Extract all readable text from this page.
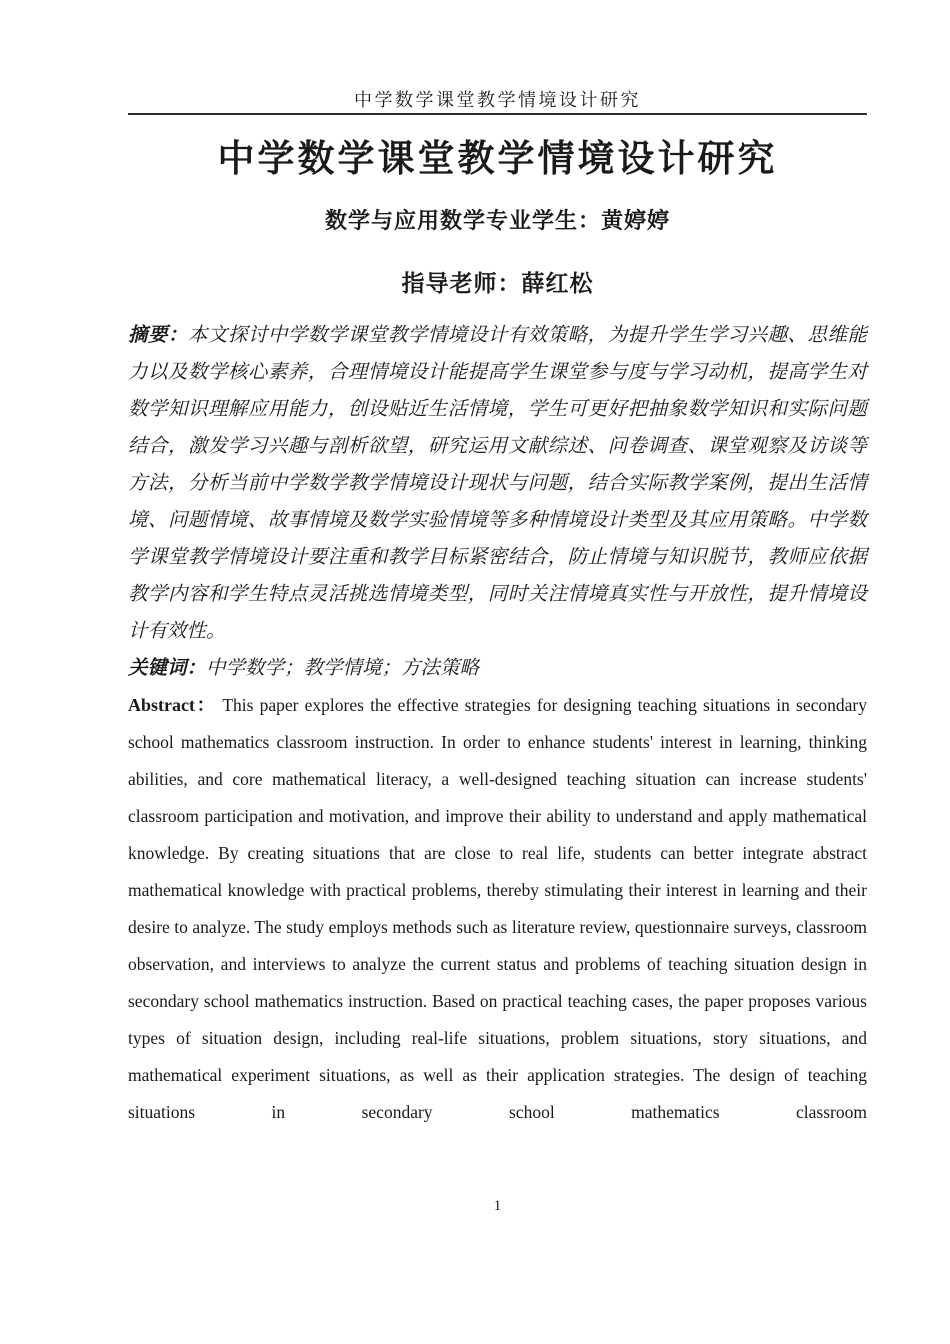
中学数学课堂教学情境设计研究
中学数学课堂教学情境设计研究
数学与应用数学专业学生：黄婷婷
指导老师：薛红松

摘要：本文探讨中学数学课堂教学情境设计有效策略，为提升学生学习兴趣、思维能力以及数学核心素养，合理情境设计能提高学生课堂参与度与学习动机，提高学生对数学知识理解应用能力，创设贴近生活情境，学生可更好把抽象数学知识和实际问题结合，激发学习兴趣与剖析欲望，研究运用文献综述、问卷调查、课堂观察及访谈等方法，分析当前中学数学教学情境设计现状与问题，结合实际教学案例，提出生活情境、问题情境、故事情境及数学实验情境等多种情境设计类型及其应用策略。中学数学课堂教学情境设计要注重和教学目标紧密结合，防止情境与知识脱节，教师应依据教学内容和学生特点灵活挑选情境类型，同时关注情境真实性与开放性，提升情境设计有效性。

关键词：中学数学；教学情境；方法策略

Abstract： This paper explores the effective strategies for designing teaching situations in secondary school mathematics classroom instruction. In order to enhance students' interest in learning, thinking abilities, and core mathematical literacy, a well-designed teaching situation can increase students' classroom participation and motivation, and improve their ability to understand and apply mathematical knowledge. By creating situations that are close to real life, students can better integrate abstract mathematical knowledge with practical problems, thereby stimulating their interest in learning and their desire to analyze. The study employs methods such as literature review, questionnaire surveys, classroom observation, and interviews to analyze the current status and problems of teaching situation design in secondary school mathematics instruction. Based on practical teaching cases, the paper proposes various types of situation design, including real-life situations, problem situations, story situations, and mathematical experiment situations, as well as their application strategies. The design of teaching situations in secondary school mathematics classroom

1
